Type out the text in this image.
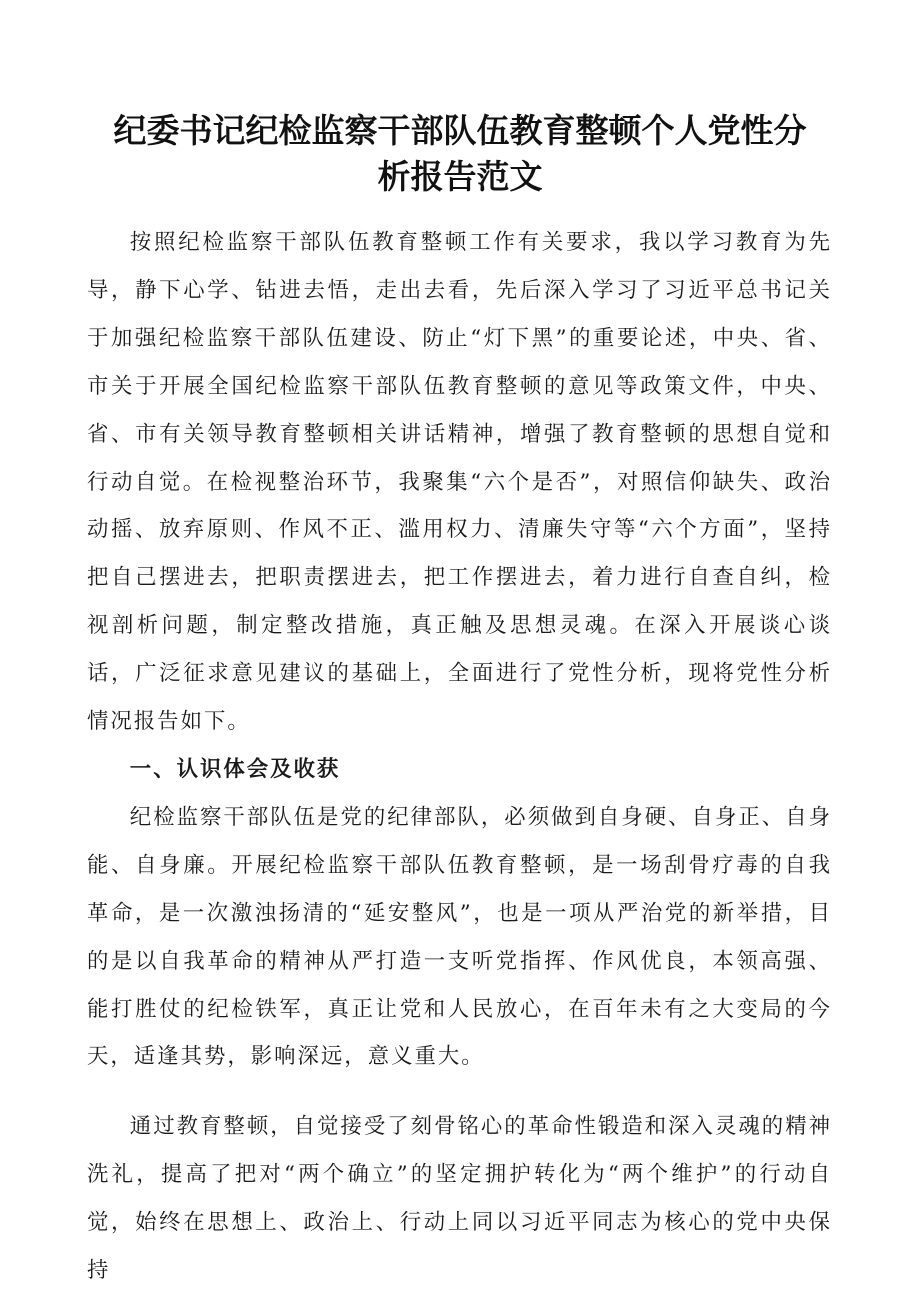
纪委书记纪检监察干部队伍教育整顿个人党性分
析报告范文

按照纪检监察干部队伍教育整顿工作有关要求，我以学习教育为先导，静下心学、钻进去悟，走出去看，先后深入学习了习近平总书记关于加强纪检监察干部队伍建设、防止“灯下黑”的重要论述，中央、省、市关于开展全国纪检监察干部队伍教育整顿的意见等政策文件，中央、省、市有关领导教育整顿相关讲话精神，增强了教育整顿的思想自觉和行动自觉。在检视整治环节，我聚集“六个是否”，对照信仰缺失、政治动摇、放弃原则、作风不正、滥用权力、清廉失守等“六个方面”，坚持把自己摆进去，把职责摆进去，把工作摆进去，着力进行自查自纠，检视剖析问题，制定整改措施，真正触及思想灵魂。在深入开展谈心谈话，广泛征求意见建议的基础上，全面进行了党性分析，现将党性分析情况报告如下。

一、认识体会及收获

纪检监察干部队伍是党的纪律部队，必须做到自身硬、自身正、自身能、自身廉。开展纪检监察干部队伍教育整顿，是一场刮骨疗毒的自我革命，是一次激浊扬清的“延安整风”，也是一项从严治党的新举措，目的是以自我革命的精神从严打造一支听党指挥、作风优良，本领高强、能打胜仗的纪检铁军，真正让党和人民放心，在百年未有之大变局的今天，适逢其势，影响深远，意义重大。

通过教育整顿，自觉接受了刻骨铭心的革命性锻造和深入灵魂的精神洗礼，提高了把对“两个确立”的坚定拥护转化为“两个维护”的行动自觉，始终在思想上、政治上、行动上同以习近平同志为核心的党中央保持
